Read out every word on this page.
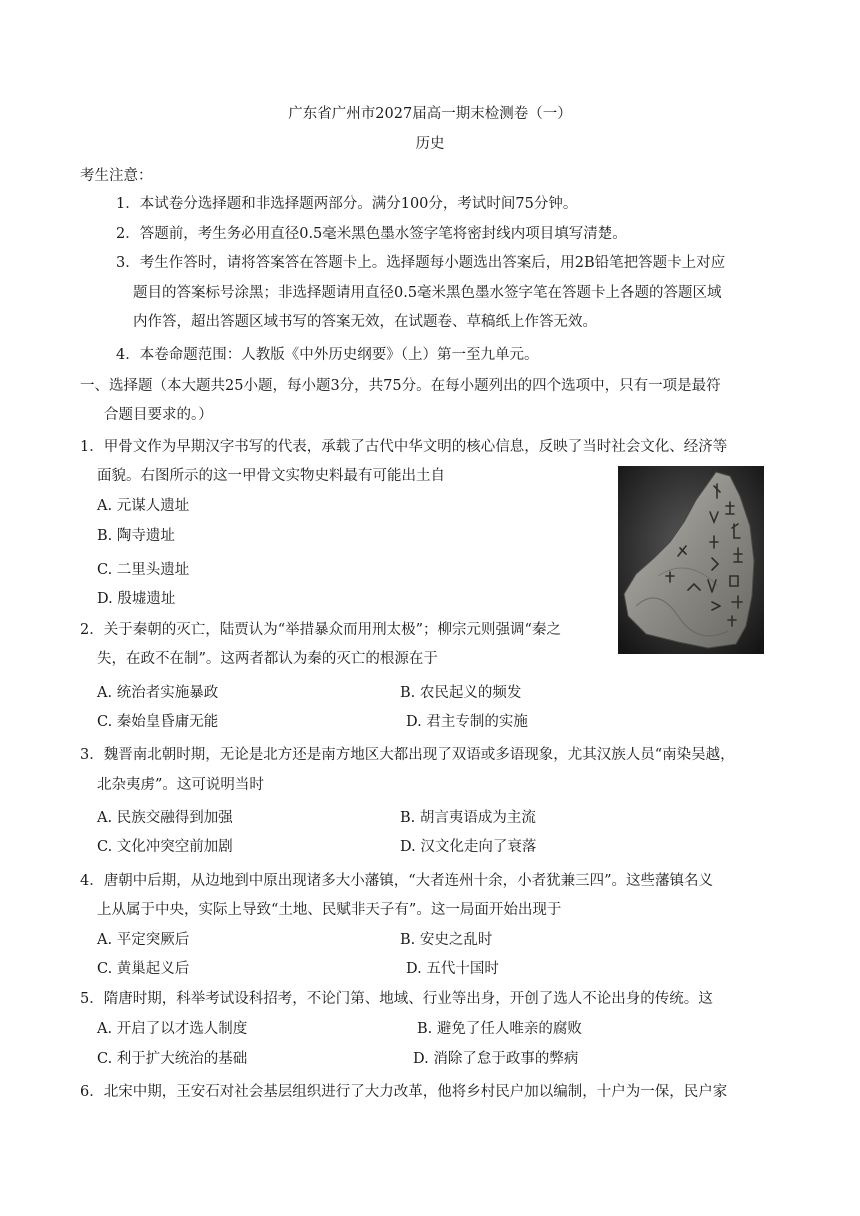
广东省广州市2027届高一期末检测卷（一）
历史
考生注意：
1．本试卷分选择题和非选择题两部分。满分100分，考试时间75分钟。
2．答题前，考生务必用直径0.5毫米黑色墨水签字笔将密封线内项目填写清楚。
3．考生作答时，请将答案答在答题卡上。选择题每小题选出答案后，用2B铅笔把答题卡上对应
题目的答案标号涂黑；非选择题请用直径0.5毫米黑色墨水签字笔在答题卡上各题的答题区域
内作答，超出答题区域书写的答案无效，在试题卷、草稿纸上作答无效。
4．本卷命题范围：人教版《中外历史纲要》（上）第一至九单元。
一、选择题（本大题共25小题，每小题3分，共75分。在每小题列出的四个选项中，只有一项是最符
合题目要求的。）
1．甲骨文作为早期汉字书写的代表，承载了古代中华文明的核心信息，反映了当时社会文化、经济等
面貌。右图所示的这一甲骨文实物史料最有可能出土自
A. 元谋人遗址
B. 陶寺遗址
C. 二里头遗址
D. 殷墟遗址
2．关于秦朝的灭亡，陆贾认为“举措暴众而用刑太极”；柳宗元则强调“秦之
失，在政不在制”。这两者都认为秦的灭亡的根源在于
A. 统治者实施暴政	B. 农民起义的频发
C. 秦始皇昏庸无能	D. 君主专制的实施
3．魏晋南北朝时期，无论是北方还是南方地区大都出现了双语或多语现象，尤其汉族人员“南染吴越，
北杂夷虏”。这可说明当时
A. 民族交融得到加强	B. 胡言夷语成为主流
C. 文化冲突空前加剧	D. 汉文化走向了衰落
4．唐朝中后期，从边地到中原出现诸多大小藩镇，“大者连州十余，小者犹兼三四”。这些藩镇名义
上从属于中央，实际上导致“土地、民赋非天子有”。这一局面开始出现于
A. 平定突厥后	B. 安史之乱时
C. 黄巢起义后	D. 五代十国时
5．隋唐时期，科举考试设科招考，不论门第、地域、行业等出身，开创了选人不论出身的传统。这
A. 开启了以才选人制度	B. 避免了任人唯亲的腐败
C. 利于扩大统治的基础	D. 消除了怠于政事的弊病
6．北宋中期，王安石对社会基层组织进行了大力改革，他将乡村民户加以编制，十户为一保，民户家
